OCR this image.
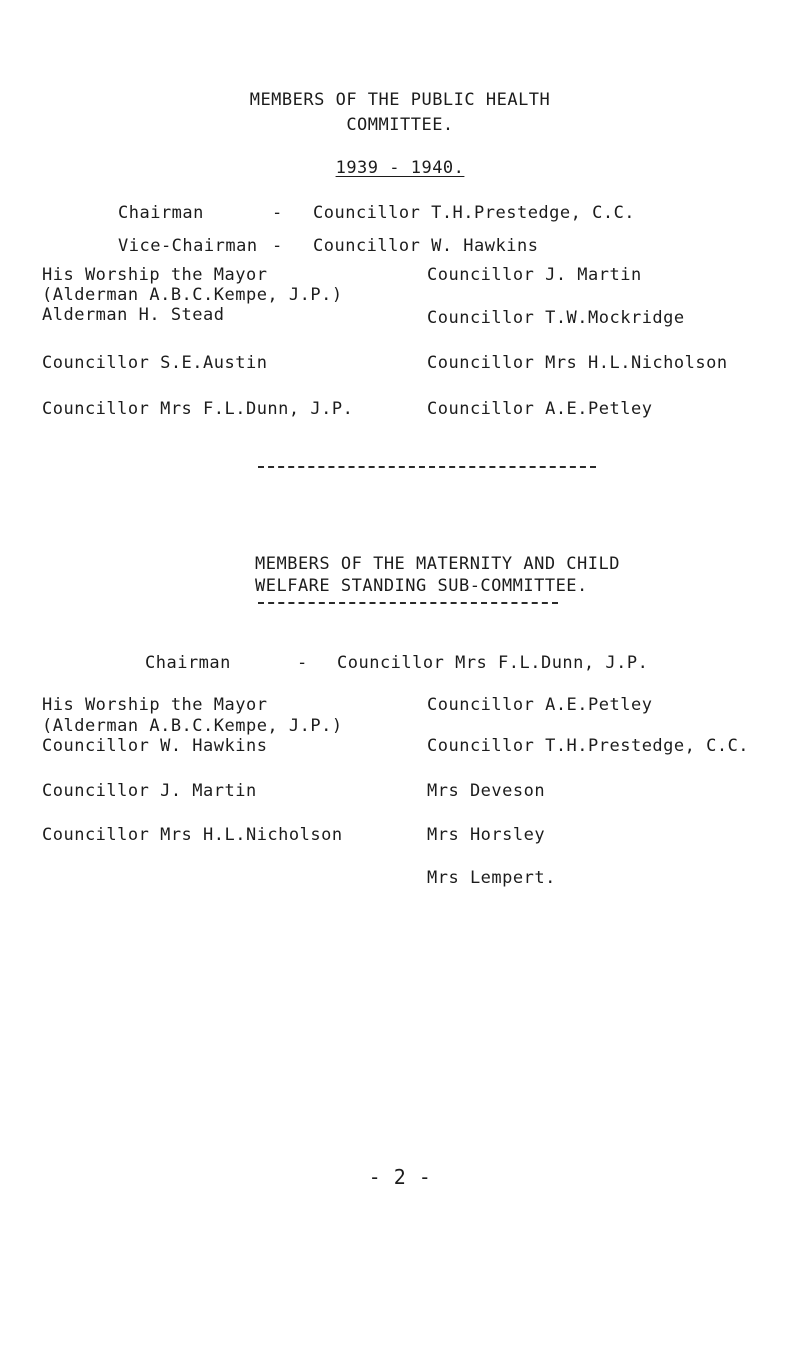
MEMBERS OF THE PUBLIC HEALTH
COMMITTEE.
1939 - 1940.
Chairman	- Councillor T.H.Prestedge, C.C.
Vice-Chairman - Councillor W. Hawkins
His Worship the Mayor
(Alderman A.B.C.Kempe, J.P.)
Alderman H. Stead
Councillor S.E.Austin
Councillor Mrs F.L.Dunn, J.P.
Councillor J. Martin
Councillor T.W.Mockridge
Councillor Mrs H.L.Nicholson
Councillor A.E.Petley
MEMBERS OF THE MATERNITY AND CHILD
WELFARE STANDING SUB-COMMITTEE.
Chairman	- Councillor Mrs F.L.Dunn, J.P.
His Worship the Mayor
(Alderman A.B.C.Kempe, J.P.)
Councillor W. Hawkins
Councillor J. Martin
Councillor Mrs H.L.Nicholson
Councillor A.E.Petley
Councillor T.H.Prestedge, C.C.
Mrs Deveson
Mrs Horsley
Mrs Lempert.
- 2 -
